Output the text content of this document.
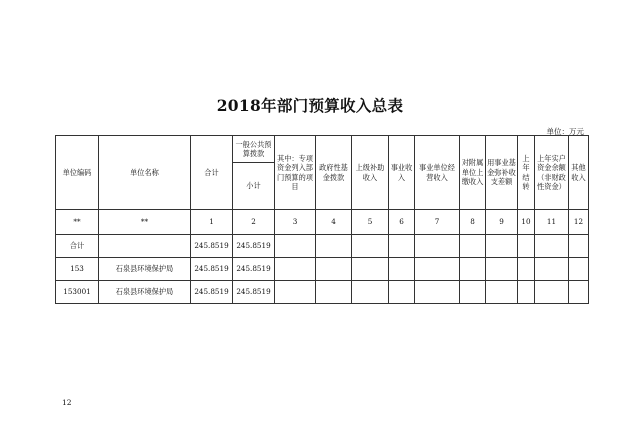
2018年部门预算收入总表
单位：万元
单位编码	单位名称	合计	一般公共预算拨款	其中：专项资金列入部门预算的项目	政府性基金拨款	上级补助收入	事业收入	事业单位经营收入	对附属单位上缴收入	用事业基金弥补收支差额	上年结转	上年实户资金余额（非财政性资金）	其他收入
			小计										
**	**	1	2	3	4	5	6	7	8	9	10	11	12
合计		245.8519	245.8519										
153	石泉县环境保护局	245.8519	245.8519										
153001	石泉县环境保护局	245.8519	245.8519										
12
